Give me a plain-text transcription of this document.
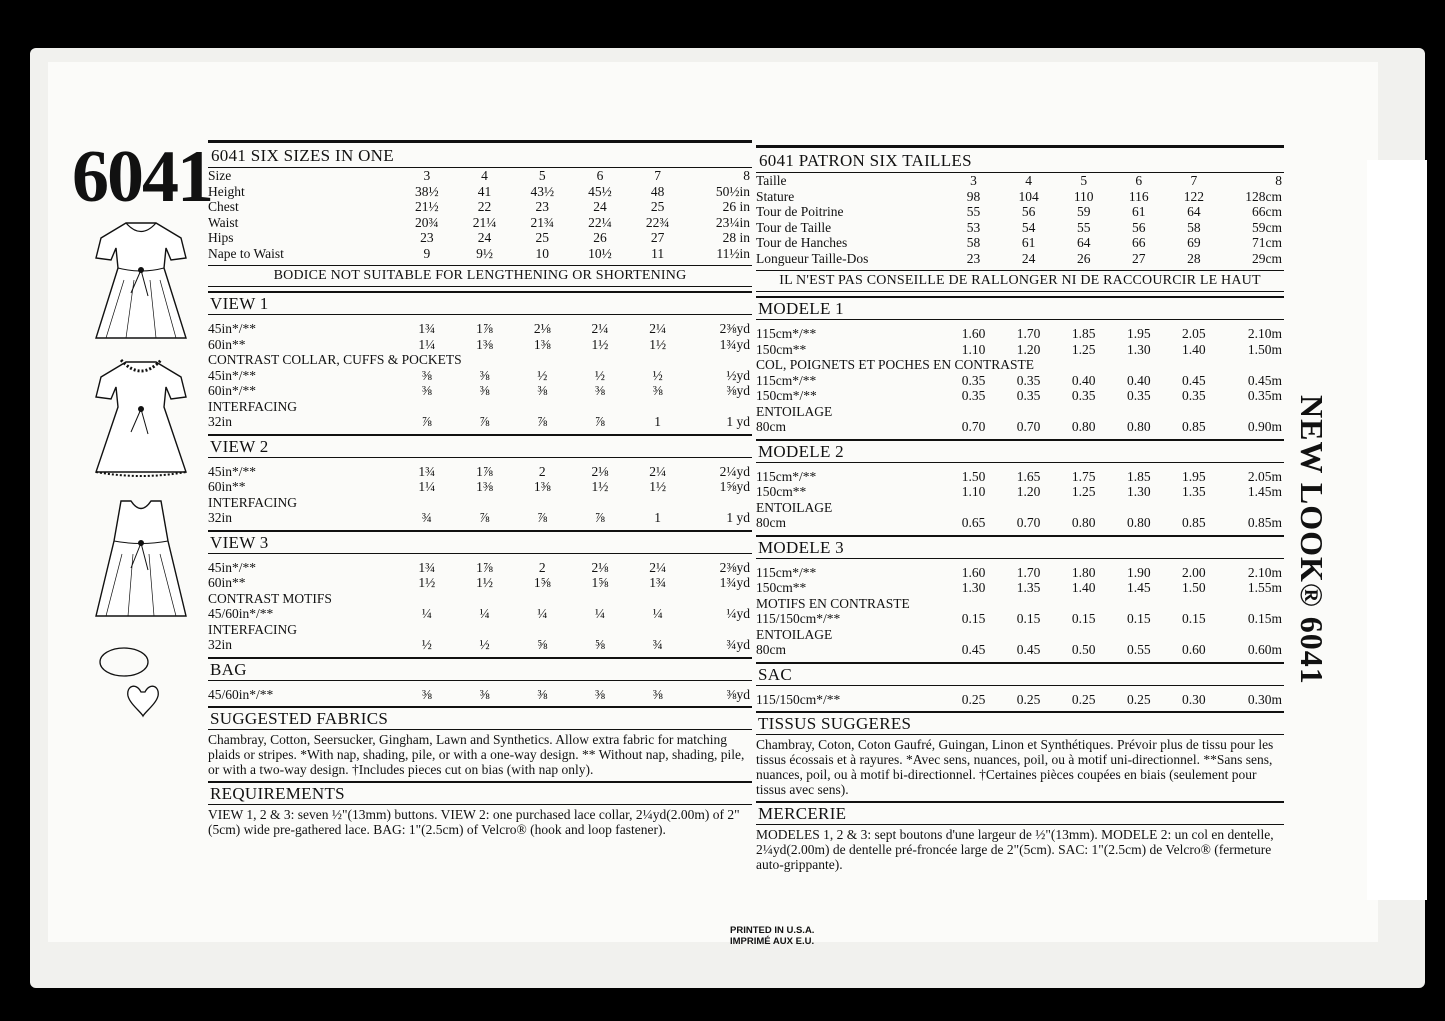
6041 6041 SIX SIZES IN ONE
Size	3	4	5	6	7	8
Height	38½	41	43½	45½	48	50½in
Chest	21½	22	23	24	25	26 in
Waist	20¾	21¼	21¾	22¼	22¾	23¼in
Hips	23	24	25	26	27	28 in
Nape to Waist	9	9½	10	10½	11	11½in
BODICE NOT SUITABLE FOR LENGTHENING OR SHORTENING
VIEW 1
45in*/**	1¾	1⅞	2⅛	2¼	2¼	2⅜yd
60in**	1¼	1⅜	1⅜	1½	1½	1¾yd
CONTRAST COLLAR, CUFFS & POCKETS
45in*/**	⅜	⅜	½	½	½	½yd
60in*/**	⅜	⅜	⅜	⅜	⅜	⅜yd
INTERFACING
32in	⅞	⅞	⅞	⅞	1	1 yd
VIEW 2
45in*/**	1¾	1⅞	2	2⅛	2¼	2¼yd
60in**	1¼	1⅜	1⅜	1½	1½	1⅝yd
INTERFACING
32in	¾	⅞	⅞	⅞	1	1 yd
VIEW 3
45in*/**	1¾	1⅞	2	2⅛	2¼	2⅜yd
60in**	1½	1½	1⅝	1⅝	1¾	1¾yd
CONTRAST MOTIFS
45/60in*/**	¼	¼	¼	¼	¼	¼yd
INTERFACING
32in	½	½	⅝	⅝	¾	¾yd
BAG
45/60in*/**	⅜	⅜	⅜	⅜	⅜	⅜yd
SUGGESTED FABRICS
Chambray, Cotton, Seersucker, Gingham, Lawn and Synthetics. Allow extra fabric for matching plaids or stripes. *With nap, shading, pile, or with a one-way design. ** Without nap, shading, pile, or with a two-way design. †Includes pieces cut on bias (with nap only).
REQUIREMENTS
VIEW 1, 2 & 3: seven ½"(13mm) buttons. VIEW 2: one purchased lace collar, 2¼yd(2.00m) of 2"(5cm) wide pre-gathered lace. BAG: 1"(2.5cm) of Velcro® (hook and loop fastener).
6041 PATRON SIX TAILLES
Taille	3	4	5	6	7	8
Stature	98	104	110	116	122	128cm
Tour de Poitrine	55	56	59	61	64	66cm
Tour de Taille	53	54	55	56	58	59cm
Tour de Hanches	58	61	64	66	69	71cm
Longueur Taille-Dos	23	24	26	27	28	29cm
IL N'EST PAS CONSEILLE DE RALLONGER NI DE RACCOURCIR LE HAUT
MODELE 1
115cm*/**	1.60	1.70	1.85	1.95	2.05	2.10m
150cm**	1.10	1.20	1.25	1.30	1.40	1.50m
COL, POIGNETS ET POCHES EN CONTRASTE
115cm*/**	0.35	0.35	0.40	0.40	0.45	0.45m
150cm*/**	0.35	0.35	0.35	0.35	0.35	0.35m
ENTOILAGE
80cm	0.70	0.70	0.80	0.80	0.85	0.90m
MODELE 2
115cm*/**	1.50	1.65	1.75	1.85	1.95	2.05m
150cm**	1.10	1.20	1.25	1.30	1.35	1.45m
ENTOILAGE
80cm	0.65	0.70	0.80	0.80	0.85	0.85m
MODELE 3
115cm*/**	1.60	1.70	1.80	1.90	2.00	2.10m
150cm**	1.30	1.35	1.40	1.45	1.50	1.55m
MOTIFS EN CONTRASTE
115/150cm*/**	0.15	0.15	0.15	0.15	0.15	0.15m
ENTOILAGE
80cm	0.45	0.45	0.50	0.55	0.60	0.60m
SAC
115/150cm*/**	0.25	0.25	0.25	0.25	0.30	0.30m
TISSUS SUGGERES
Chambray, Coton, Coton Gaufré, Guingan, Linon et Synthétiques. Prévoir plus de tissu pour les tissus écossais et à rayures. *Avec sens, nuances, poil, ou à motif uni-directionnel. **Sans sens, nuances, poil, ou à motif bi-directionnel. †Certaines pièces coupées en biais (seulement pour tissus avec sens).
MERCERIE
MODELES 1, 2 & 3: sept boutons d'une largeur de ½"(13mm). MODELE 2: un col en dentelle, 2¼yd(2.00m) de dentelle pré-froncée large de 2"(5cm). SAC: 1"(2.5cm) de Velcro® (fermeture auto-grippante).
NEW LOOK® 6041
PRINTED IN U.S.A.
IMPRIMÉ AUX E.U.
